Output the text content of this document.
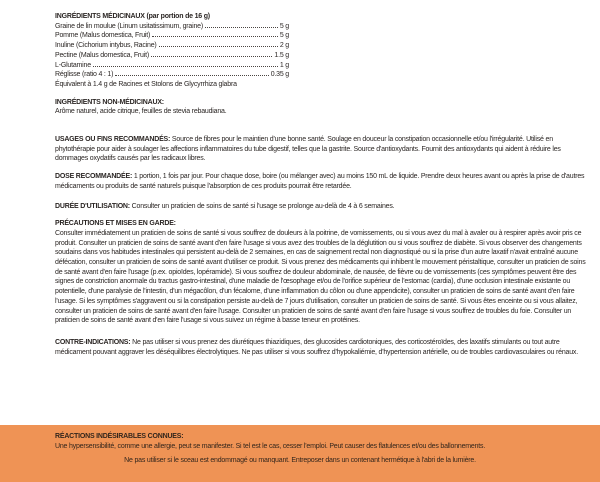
INGRÉDIENTS MÉDICINAUX (par portion de 16 g)
Graine de lin moulue (Linum usitatissimum, graine)	5 g
Pomme (Malus domestica, Fruit)	5 g
Inuline (Cichorium intybus, Racine)	2 g
Pectine (Malus domestica, Fruit)	1.5 g
L-Glutamine	1 g
Réglisse (ratio 4 : 1)	0.35 g
Équivalent à 1.4 g de Racines et Stolons de Glycyrrhiza glabra
INGRÉDIENTS NON-MÉDICINAUX:
Arôme naturel, acide citrique, feuilles de stevia rebaudiana.

USAGES OU FINS RECOMMANDÉS: Source de fibres pour le maintien d'une bonne santé. Soulage en douceur la constipation occasionnelle et/ou l'irrégularité. Utilisé en phytothérapie pour aider à soulager les affections inflammatoires du tube digestif, telles que la gastrite. Source d'antioxydants. Fournit des antioxydants qui aident à réduire les dommages oxydatifs causés par les radicaux libres.

DOSE RECOMMANDÉE: 1 portion, 1 fois par jour. Pour chaque dose, boire (ou mélanger avec) au moins 150 mL de liquide. Prendre deux heures avant ou après la prise de d'autres médicaments ou produits de santé naturels puisque l'absorption de ces produits pourrait être retardée.

DURÉE D'UTILISATION: Consulter un praticien de soins de santé si l'usage se prolonge au-delà de 4 à 6 semaines.

PRÉCAUTIONS ET MISES EN GARDE:
Consulter immédiatement un praticien de soins de santé si vous souffrez de douleurs à la poitrine, de vomissements, ou si vous avez du mal à avaler ou à respirer après avoir pris ce produit. Consulter un praticien de soins de santé avant d'en faire l'usage si vous avez des troubles de la déglutition ou si vous souffrez de diabète. Si vous observer des changements soudains dans vos habitudes intestinales qui persistent au-delà de 2 semaines, en cas de saignement rectal non diagnostiqué ou si la prise d'un autre laxatif n'avait entraîné aucune défécation, consulter un praticien de soins de santé avant d'utiliser ce produit. Si vous prenez des médicaments qui inhibent le mouvement péristaltique, consulter un praticien de soins de santé avant d'en faire l'usage (p.ex. opioïdes, lopéramide). Si vous souffrez de douleur abdominale, de nausée, de fièvre ou de vomissements (ces symptômes peuvent être des signes de constriction anormale du tractus gastro-intestinal, d'une maladie de l'œsophage et/ou de l'orifice supérieur de l'estomac (cardia), d'une occlusion intestinale existante ou potentielle, d'une paralysie de l'intestin, d'un mégacôlon, d'un fécalome, d'une inflammation du côlon ou d'une appendicite), consulter un praticien de soins de santé avant d'en faire l'usage. Si les symptômes s'aggravent ou si la constipation persiste au-delà de 7 jours d'utilisation, consulter un praticien de soins de santé. Si vous êtes enceinte ou si vous allaitez, consulter un praticien de soins de santé avant d'en faire l'usage. Consulter un praticien de soins de santé avant d'en faire l'usage si vous souffrez de troubles du foie. Consulter un praticien de soins de santé avant d'en faire l'usage si vous suivez un régime à basse teneur en protéines.

CONTRE-INDICATIONS: Ne pas utiliser si vous prenez des diurétiques thiazidiques, des glucosides cardiotoniques, des corticostéroïdes, des laxatifs stimulants ou tout autre médicament pouvant aggraver les déséquilibres électrolytiques. Ne pas utiliser si vous souffrez d'hypokaliémie, d'hypertension artérielle, ou de troubles cardiovasculaires ou rénaux.

RÉACTIONS INDÉSIRABLES CONNUES:
Une hypersensibilité, comme une allergie, peut se manifester. Si tel est le cas, cesser l'emploi. Peut causer des flatulences et/ou des ballonnements.
Ne pas utiliser si le sceau est endommagé ou manquant. Entreposer dans un contenant hermétique à l'abri de la lumière.
